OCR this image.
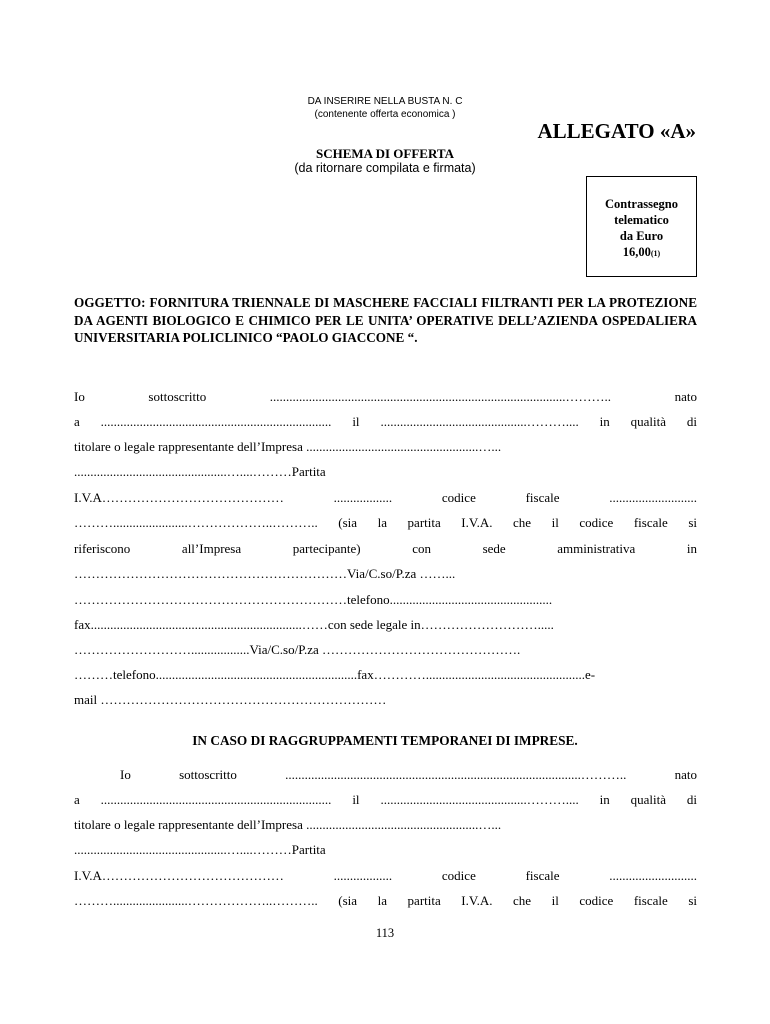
DA INSERIRE NELLA BUSTA N. C
(contenente offerta economica )
ALLEGATO «A»
SCHEMA DI OFFERTA
(da ritornare compilata e firmata)
Contrassegno
telematico
da Euro
16,00(1)
OGGETTO: FORNITURA TRIENNALE DI MASCHERE FACCIALI FILTRANTI PER LA PROTEZIONE DA AGENTI BIOLOGICO E CHIMICO PER LE UNITA’ OPERATIVE DELL’AZIENDA OSPEDALIERA UNIVERSITARIA POLICLINICO “PAOLO GIACCONE “.
Io sottoscritto ...........................................................................................……….. nato
a ....................................................................... il .............................................……….... in qualità di
titolare o legale rappresentante dell’Impresa .....................................................…...
...............................................…....………Partita
I.V.A…………………………………… .................. codice fiscale ...........................
……….......................………………..……….. (sia la partita I.V.A. che il codice fiscale si
riferiscono all’Impresa partecipante) con sede amministrativa in
………………………………………………………Via/C.so/P.za ……...
………………………………………………………telefono..................................................
fax.................................................................……con sede legale in……………………….....
………………………..................Via/C.so/P.za ……………………………………….
………telefono..............................................................fax………….................................................e-
mail …………………………………………………………
IN CASO DI RAGGRUPPAMENTI TEMPORANEI DI IMPRESE.
Io sottoscritto ...........................................................................................……….. nato
a ....................................................................... il .............................................……….... in qualità di
titolare o legale rappresentante dell’Impresa .....................................................…...
...............................................…....………Partita
I.V.A…………………………………… .................. codice fiscale ...........................
……….......................………………..……….. (sia la partita I.V.A. che il codice fiscale si
113
